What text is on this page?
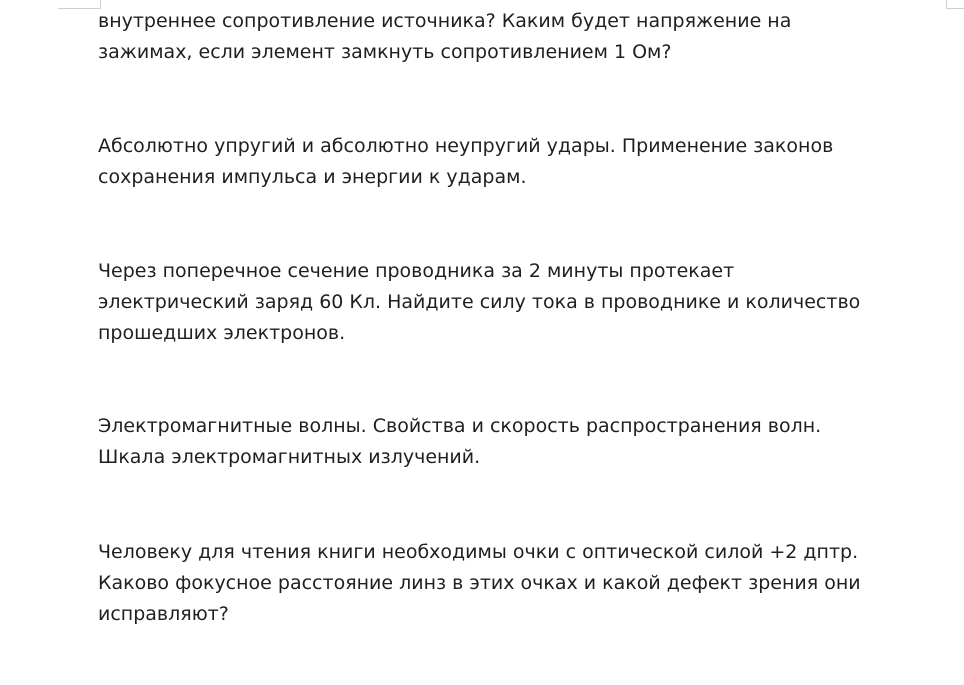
внутреннее сопротивление источника? Каким будет напряжение на
зажимах, если элемент замкнуть сопротивлением 1 Ом?

Абсолютно упругий и абсолютно неупругий удары. Применение законов
сохранения импульса и энергии к ударам.

Через поперечное сечение проводника за 2 минуты протекает
электрический заряд 60 Кл. Найдите силу тока в проводнике и количество
прошедших электронов.

Электромагнитные волны. Свойства и скорость распространения волн.
Шкала электромагнитных излучений.

Человеку для чтения книги необходимы очки с оптической силой +2 дптр.
Каково фокусное расстояние линз в этих очках и какой дефект зрения они
исправляют?
